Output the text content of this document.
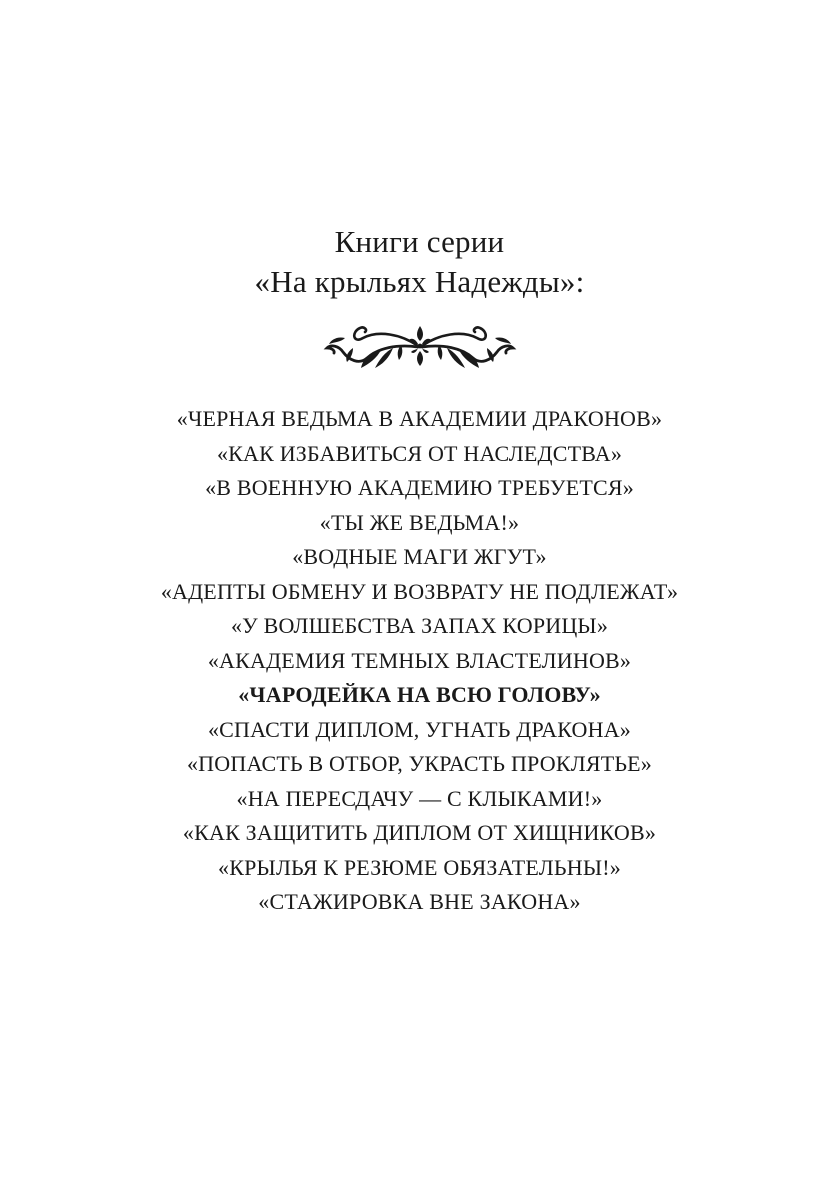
Книги серии
«На крыльях Надежды»:
«ЧЕРНАЯ ВЕДЬМА В АКАДЕМИИ ДРАКОНОВ»
«КАК ИЗБАВИТЬСЯ ОТ НАСЛЕДСТВА»
«В ВОЕННУЮ АКАДЕМИЮ ТРЕБУЕТСЯ»
«ТЫ ЖЕ ВЕДЬМА!»
«ВОДНЫЕ МАГИ ЖГУТ»
«АДЕПТЫ ОБМЕНУ И ВОЗВРАТУ НЕ ПОДЛЕЖАТ»
«У ВОЛШЕБСТВА ЗАПАХ КОРИЦЫ»
«АКАДЕМИЯ ТЕМНЫХ ВЛАСТЕЛИНОВ»
«ЧАРОДЕЙКА НА ВСЮ ГОЛОВУ»
«СПАСТИ ДИПЛОМ, УГНАТЬ ДРАКОНА»
«ПОПАСТЬ В ОТБОР, УКРАСТЬ ПРОКЛЯТЬЕ»
«НА ПЕРЕСДАЧУ — С КЛЫКАМИ!»
«КАК ЗАЩИТИТЬ ДИПЛОМ ОТ ХИЩНИКОВ»
«КРЫЛЬЯ К РЕЗЮМЕ ОБЯЗАТЕЛЬНЫ!»
«СТАЖИРОВКА ВНЕ ЗАКОНА»
